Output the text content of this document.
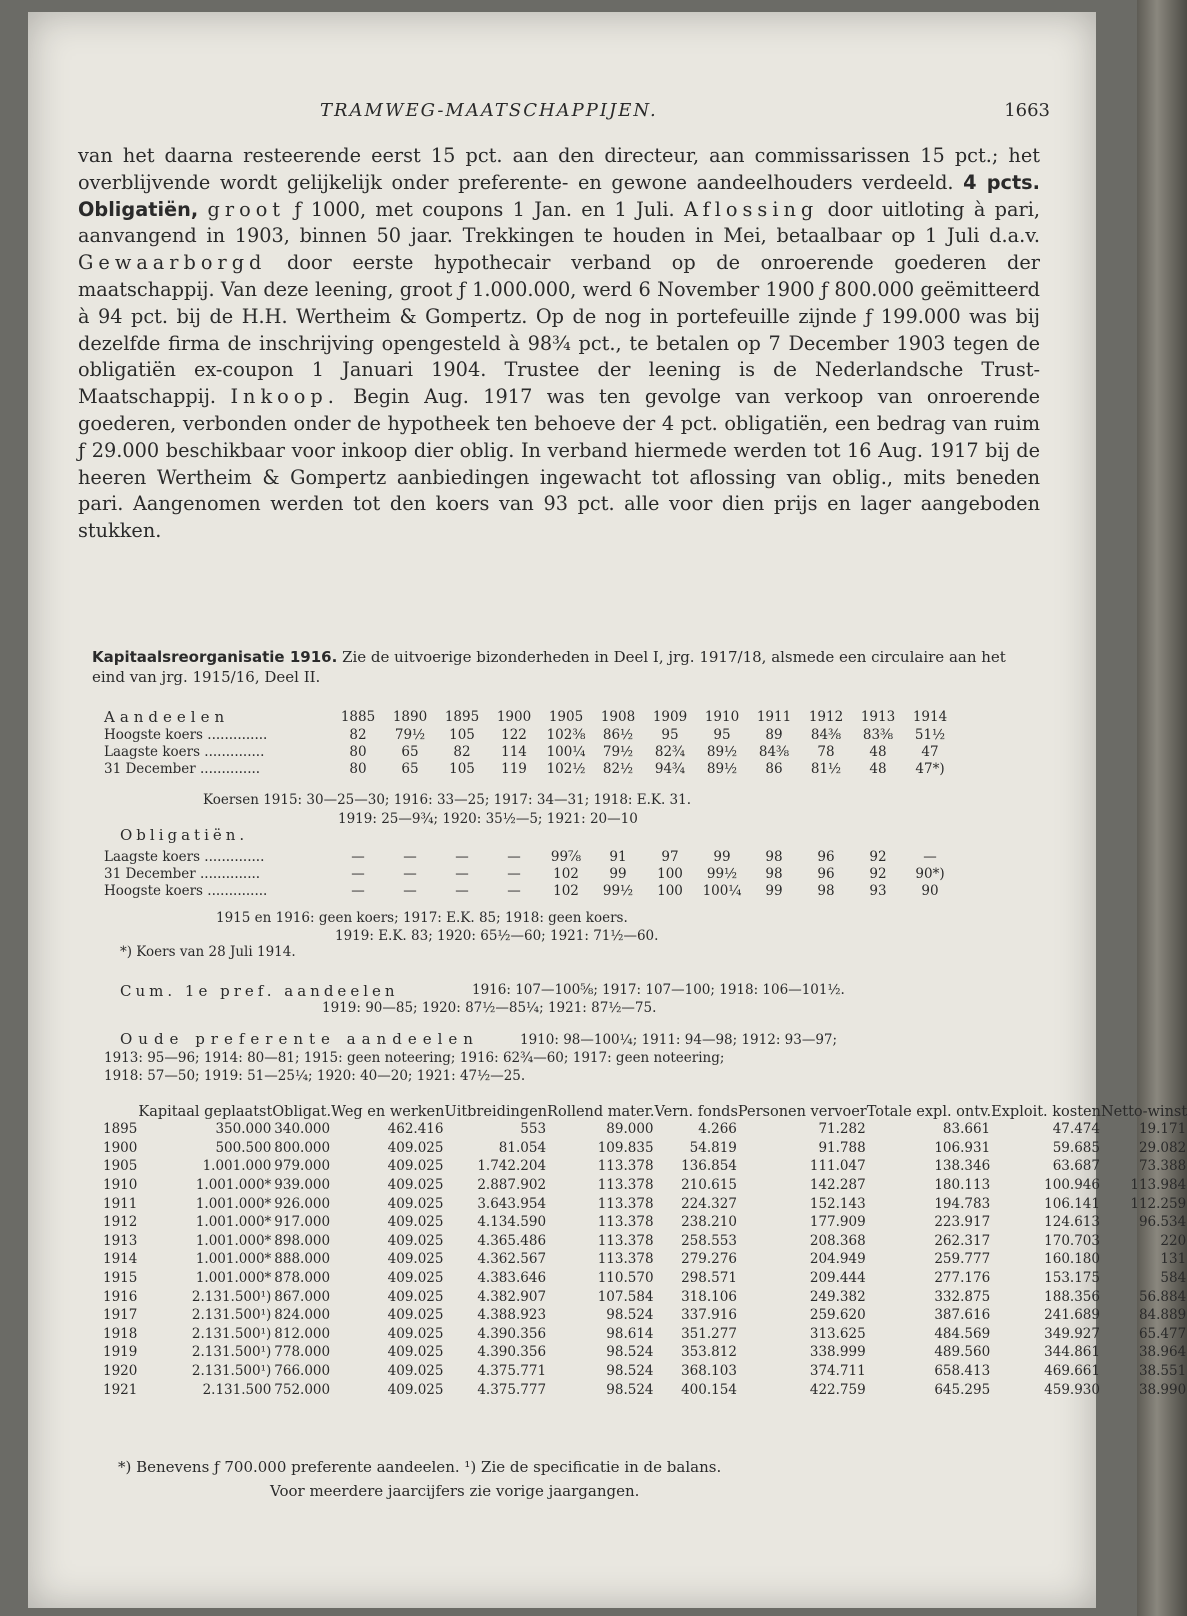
TRAMWEG-MAATSCHAPPIJEN.	1663
van het daarna resteerende eerst 15 pct. aan den directeur, aan commissarissen 15 pct.; het overblijvende wordt gelijkelijk onder preferente- en gewone aandeelhouders verdeeld. 4 pcts. Obligatiën, groot ƒ 1000, met coupons 1 Jan. en 1 Juli. Aflossing door uitloting à pari, aanvangend in 1903, binnen 50 jaar. Trekkingen te houden in Mei, betaalbaar op 1 Juli d.a.v. Gewaarborgd door eerste hypothecair verband op de onroerende goederen der maatschappij. Van deze leening, groot ƒ 1.000.000, werd 6 November 1900 ƒ 800.000 geëmitteerd à 94 pct. bij de H.H. Wertheim & Gompertz. Op de nog in portefeuille zijnde ƒ 199.000 was bij dezelfde firma de inschrijving opengesteld à 98¾ pct., te betalen op 7 December 1903 tegen de obligatiën ex-coupon 1 Januari 1904. Trustee der leening is de Nederlandsche Trust-Maatschappij. Inkoop. Begin Aug. 1917 was ten gevolge van verkoop van onroerende goederen, verbonden onder de hypotheek ten behoeve der 4 pct. obligatiën, een bedrag van ruim ƒ 29.000 beschikbaar voor inkoop dier oblig. In verband hiermede werden tot 16 Aug. 1917 bij de heeren Wertheim & Gompertz aanbiedingen ingewacht tot aflossing van oblig., mits beneden pari. Aangenomen werden tot den koers van 93 pct. alle voor dien prijs en lager aangeboden stukken.
Kapitaalsreorganisatie 1916. Zie de uitvoerige bizonderheden in Deel I, jrg. 1917/18, alsmede een circulaire aan het eind van jrg. 1915/16, Deel II.
Aandeelen	1885	1890	1895	1900	1905	1908	1909	1910	1911	1912	1913	1914
Hoogste koers ..............	82	79½	105	122	102⅜	86½	95	95	89	84⅜	83⅜	51½
Laagste koers ..............	80	65	82	114	100¼	79½	82¾	89½	84⅜	78	48	47
31 December ..............	80	65	105	119	102½	82½	94¾	89½	86	81½	48	47*)
Koersen 1915: 30—25—30; 1916: 33—25; 1917: 34—31; 1918: E.K. 31.
1919: 25—9¾; 1920: 35½—5; 1921: 20—10
Obligatiën.
Laagste koers ..............	—	—	—	—	99⅞	91	97	99	98	96	92	—
31 December ..............	—	—	—	—	102	99	100	99½	98	96	92	90*)
Hoogste koers ..............	—	—	—	—	102	99½	100	100¼	99	98	93	90
1915 en 1916: geen koers; 1917: E.K. 85; 1918: geen koers.
1919: E.K. 83; 1920: 65½—60; 1921: 71½—60.
*) Koers van 28 Juli 1914.
Cum. 1e pref. aandeelen	1916: 107—100⅝; 1917: 107—100; 1918: 106—101½.
1919: 90—85; 1920: 87½—85¼; 1921: 87½—75.
Oude preferente aandeelen	1910: 98—100¼; 1911: 94—98; 1912: 93—97;
1913: 95—96; 1914: 80—81; 1915: geen noteering; 1916: 62¾—60; 1917: geen noteering;
1918: 57—50; 1919: 51—25¼; 1920: 40—20; 1921: 47½—25.
	Kapitaal geplaatst	Obligat.	Weg en werken	Uitbreidingen	Rollend mater.	Vern. fonds	Personen vervoer	Totale expl. ontv.	Exploit. kosten	Netto-winst
1895	350.000	340.000	462.416	553	89.000	4.266	71.282	83.661	47.474	19.171
1900	500.500	800.000	409.025	81.054	109.835	54.819	91.788	106.931	59.685	29.082
1905	1.001.000	979.000	409.025	1.742.204	113.378	136.854	111.047	138.346	63.687	73.388
1910	1.001.000*	939.000	409.025	2.887.902	113.378	210.615	142.287	180.113	100.946	113.984
1911	1.001.000*	926.000	409.025	3.643.954	113.378	224.327	152.143	194.783	106.141	112.259
1912	1.001.000*	917.000	409.025	4.134.590	113.378	238.210	177.909	223.917	124.613	96.534
1913	1.001.000*	898.000	409.025	4.365.486	113.378	258.553	208.368	262.317	170.703	220
1914	1.001.000*	888.000	409.025	4.362.567	113.378	279.276	204.949	259.777	160.180	131
1915	1.001.000*	878.000	409.025	4.383.646	110.570	298.571	209.444	277.176	153.175	584
1916	2.131.500¹)	867.000	409.025	4.382.907	107.584	318.106	249.382	332.875	188.356	56.884
1917	2.131.500¹)	824.000	409.025	4.388.923	98.524	337.916	259.620	387.616	241.689	84.889
1918	2.131.500¹)	812.000	409.025	4.390.356	98.614	351.277	313.625	484.569	349.927	65.477
1919	2.131.500¹)	778.000	409.025	4.390.356	98.524	353.812	338.999	489.560	344.861	38.964
1920	2.131.500¹)	766.000	409.025	4.375.771	98.524	368.103	374.711	658.413	469.661	38.551
1921	2.131.500	752.000	409.025	4.375.777	98.524	400.154	422.759	645.295	459.930	38.990
*) Benevens ƒ 700.000 preferente aandeelen. ¹) Zie de specificatie in de balans.
Voor meerdere jaarcijfers zie vorige jaargangen.
